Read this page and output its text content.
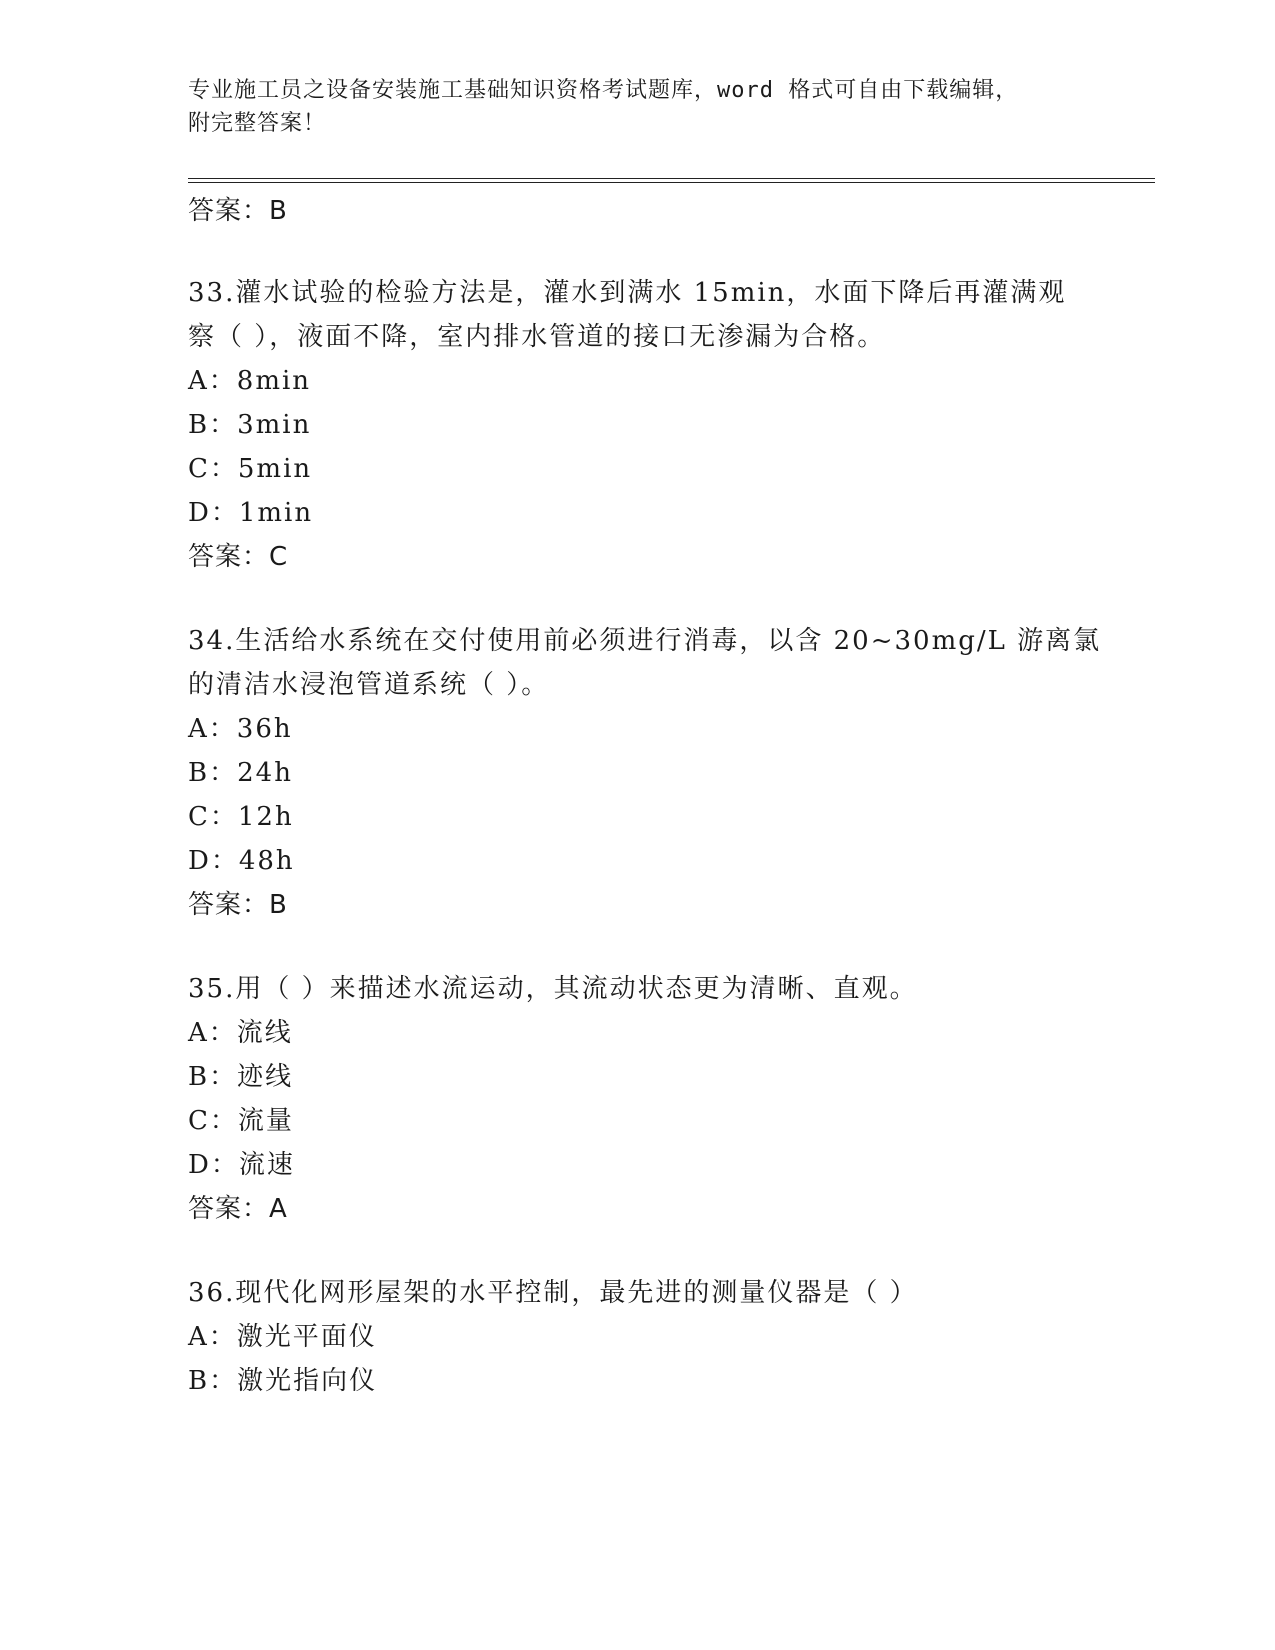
专业施工员之设备安装施工基础知识资格考试题库，word 格式可自由下载编辑，
附完整答案！
答案：B
33.灌水试验的检验方法是，灌水到满水 15min，水面下降后再灌满观
察（ ），液面不降，室内排水管道的接口无渗漏为合格。
A：8min
B：3min
C：5min
D：1min
答案：C
34.生活给水系统在交付使用前必须进行消毒，以含 20~30mg/L 游离氯
的清洁水浸泡管道系统（ ）。
A：36h
B：24h
C：12h
D：48h
答案：B
35.用（ ）来描述水流运动，其流动状态更为清晰、直观。
A：流线
B：迹线
C：流量
D：流速
答案：A
36.现代化网形屋架的水平控制，最先进的测量仪器是（ ）
A：激光平面仪
B：激光指向仪
